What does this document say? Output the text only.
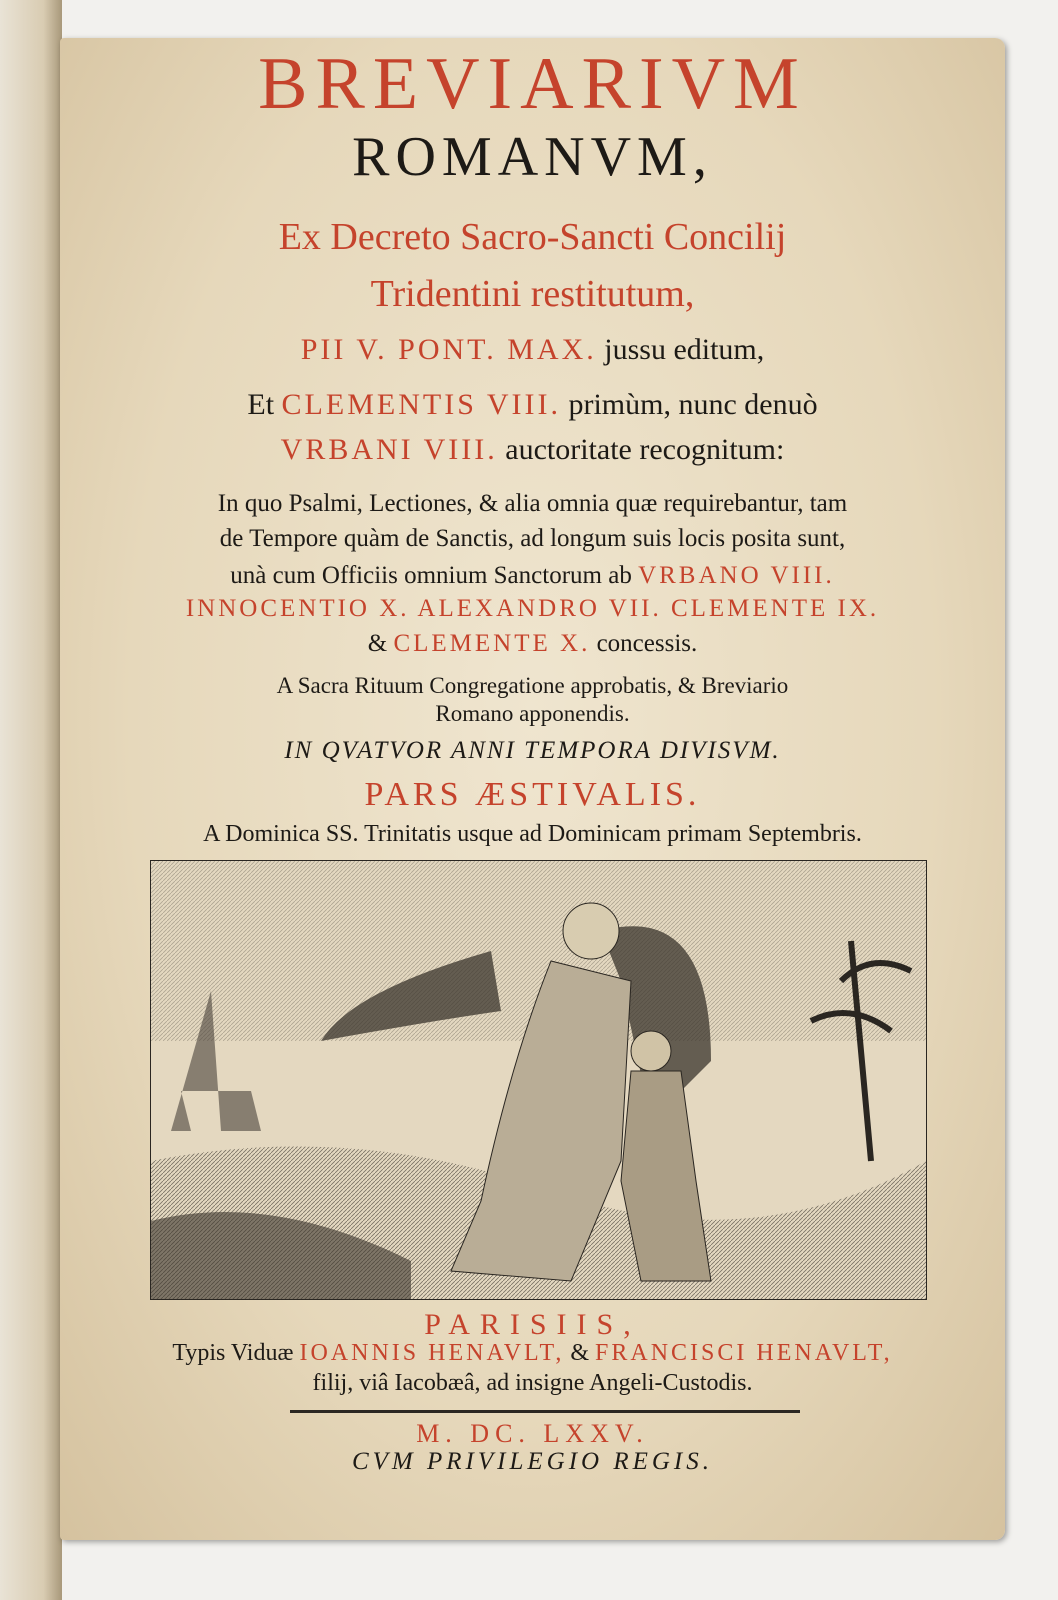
BREVIARIVM
ROMANVM,
Ex Decreto Sacro-Sancti Concilij
Tridentini restitutum,
PII V. PONT. MAX. jussu editum,
Et CLEMENTIS VIII. primùm, nunc denuò
VRBANI VIII. auctoritate recognitum:
In quo Psalmi, Lectiones, & alia omnia quæ requirebantur, tam
de Tempore quàm de Sanctis, ad longum suis locis posita sunt,
unà cum Officiis omnium Sanctorum ab VRBANO VIII.
INNOCENTIO X. ALEXANDRO VII. CLEMENTE IX.
& CLEMENTE X. concessis.
A Sacra Rituum Congregatione approbatis, & Breviario
Romano apponendis.
IN QVATVOR ANNI TEMPORA DIVISVM.
PARS ÆSTIVALIS.
A Dominica SS. Trinitatis usque ad Dominicam primam Septembris.
PARISIIS,
Typis Viduæ IOANNIS HENAVLT, & FRANCISCI HENAVLT,
filij, viâ Iacobæâ, ad insigne Angeli-Custodis.
M. DC. LXXV.
CVM PRIVILEGIO REGIS.
